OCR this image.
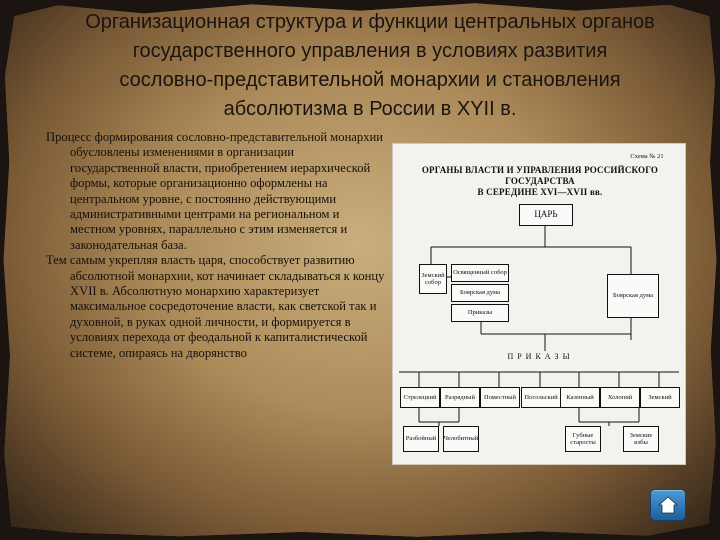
Организационная структура и функции центральных органов
государственного управления в условиях развития
сословно-представительной монархии и становления
абсолютизма в России в XYII в.

Процесс формирования сословно-представительной монархии обусловлены изменениями в организации государственной власти, приобретением иерархической формы, которые организационно оформлены на центральном уровне, с постоянно действующими административными центрами на региональном и местном уровнях, параллельно с этим изменяется и законодательная база.

Тем самым укрепляя власть царя, способствует развитию абсолютной монархии, кот начинает складываться к концу XVII в. Абсолютную монархию характеризует максимальное сосредоточение власти, как светской так и духовной, в руках одной личности, и формируется в условиях перехода от феодальной к капиталистической системе, опираясь на дворянство

Схема № 21
ОРГАНЫ ВЛАСТИ И УПРАВЛЕНИЯ РОССИЙСКОГО ГОСУДАРСТВА
В СЕРЕДИНЕ XVI—XVII вв.
ЦАРЬ
Земский собор
Освященный собор
Боярская дума
Приказы
Боярская дума
П Р И К А З Ы
Стрелецкий	Разрядный	Поместный	Посольский	Казенный	Холопий	Земский
Разбойный	Челобитный
Губные старосты
Земские избы
